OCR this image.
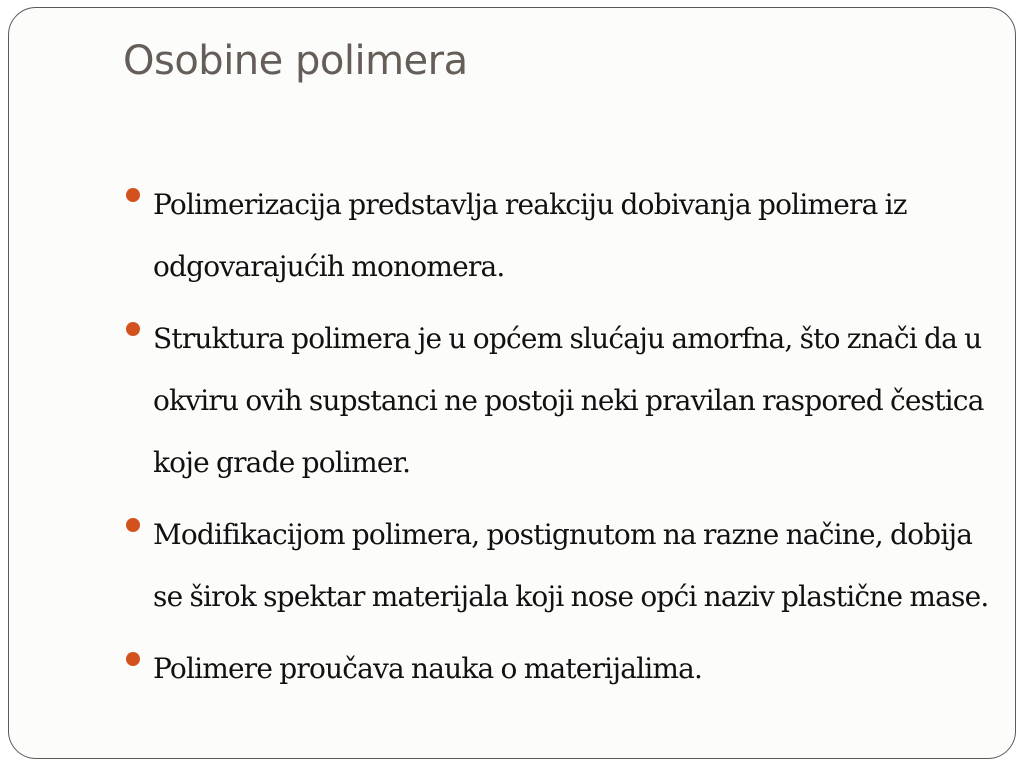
Osobine polimera
Polimerizacija predstavlja reakciju dobivanja polimera iz odgovarajućih monomera.
Struktura polimera je u općem slućaju amorfna, što znači da u okviru ovih supstanci ne postoji neki pravilan raspored čestica koje grade polimer.
Modifikacijom polimera, postignutom na razne načine, dobija se širok spektar materijala koji nose opći naziv plastične mase.
Polimere proučava nauka o materijalima.
